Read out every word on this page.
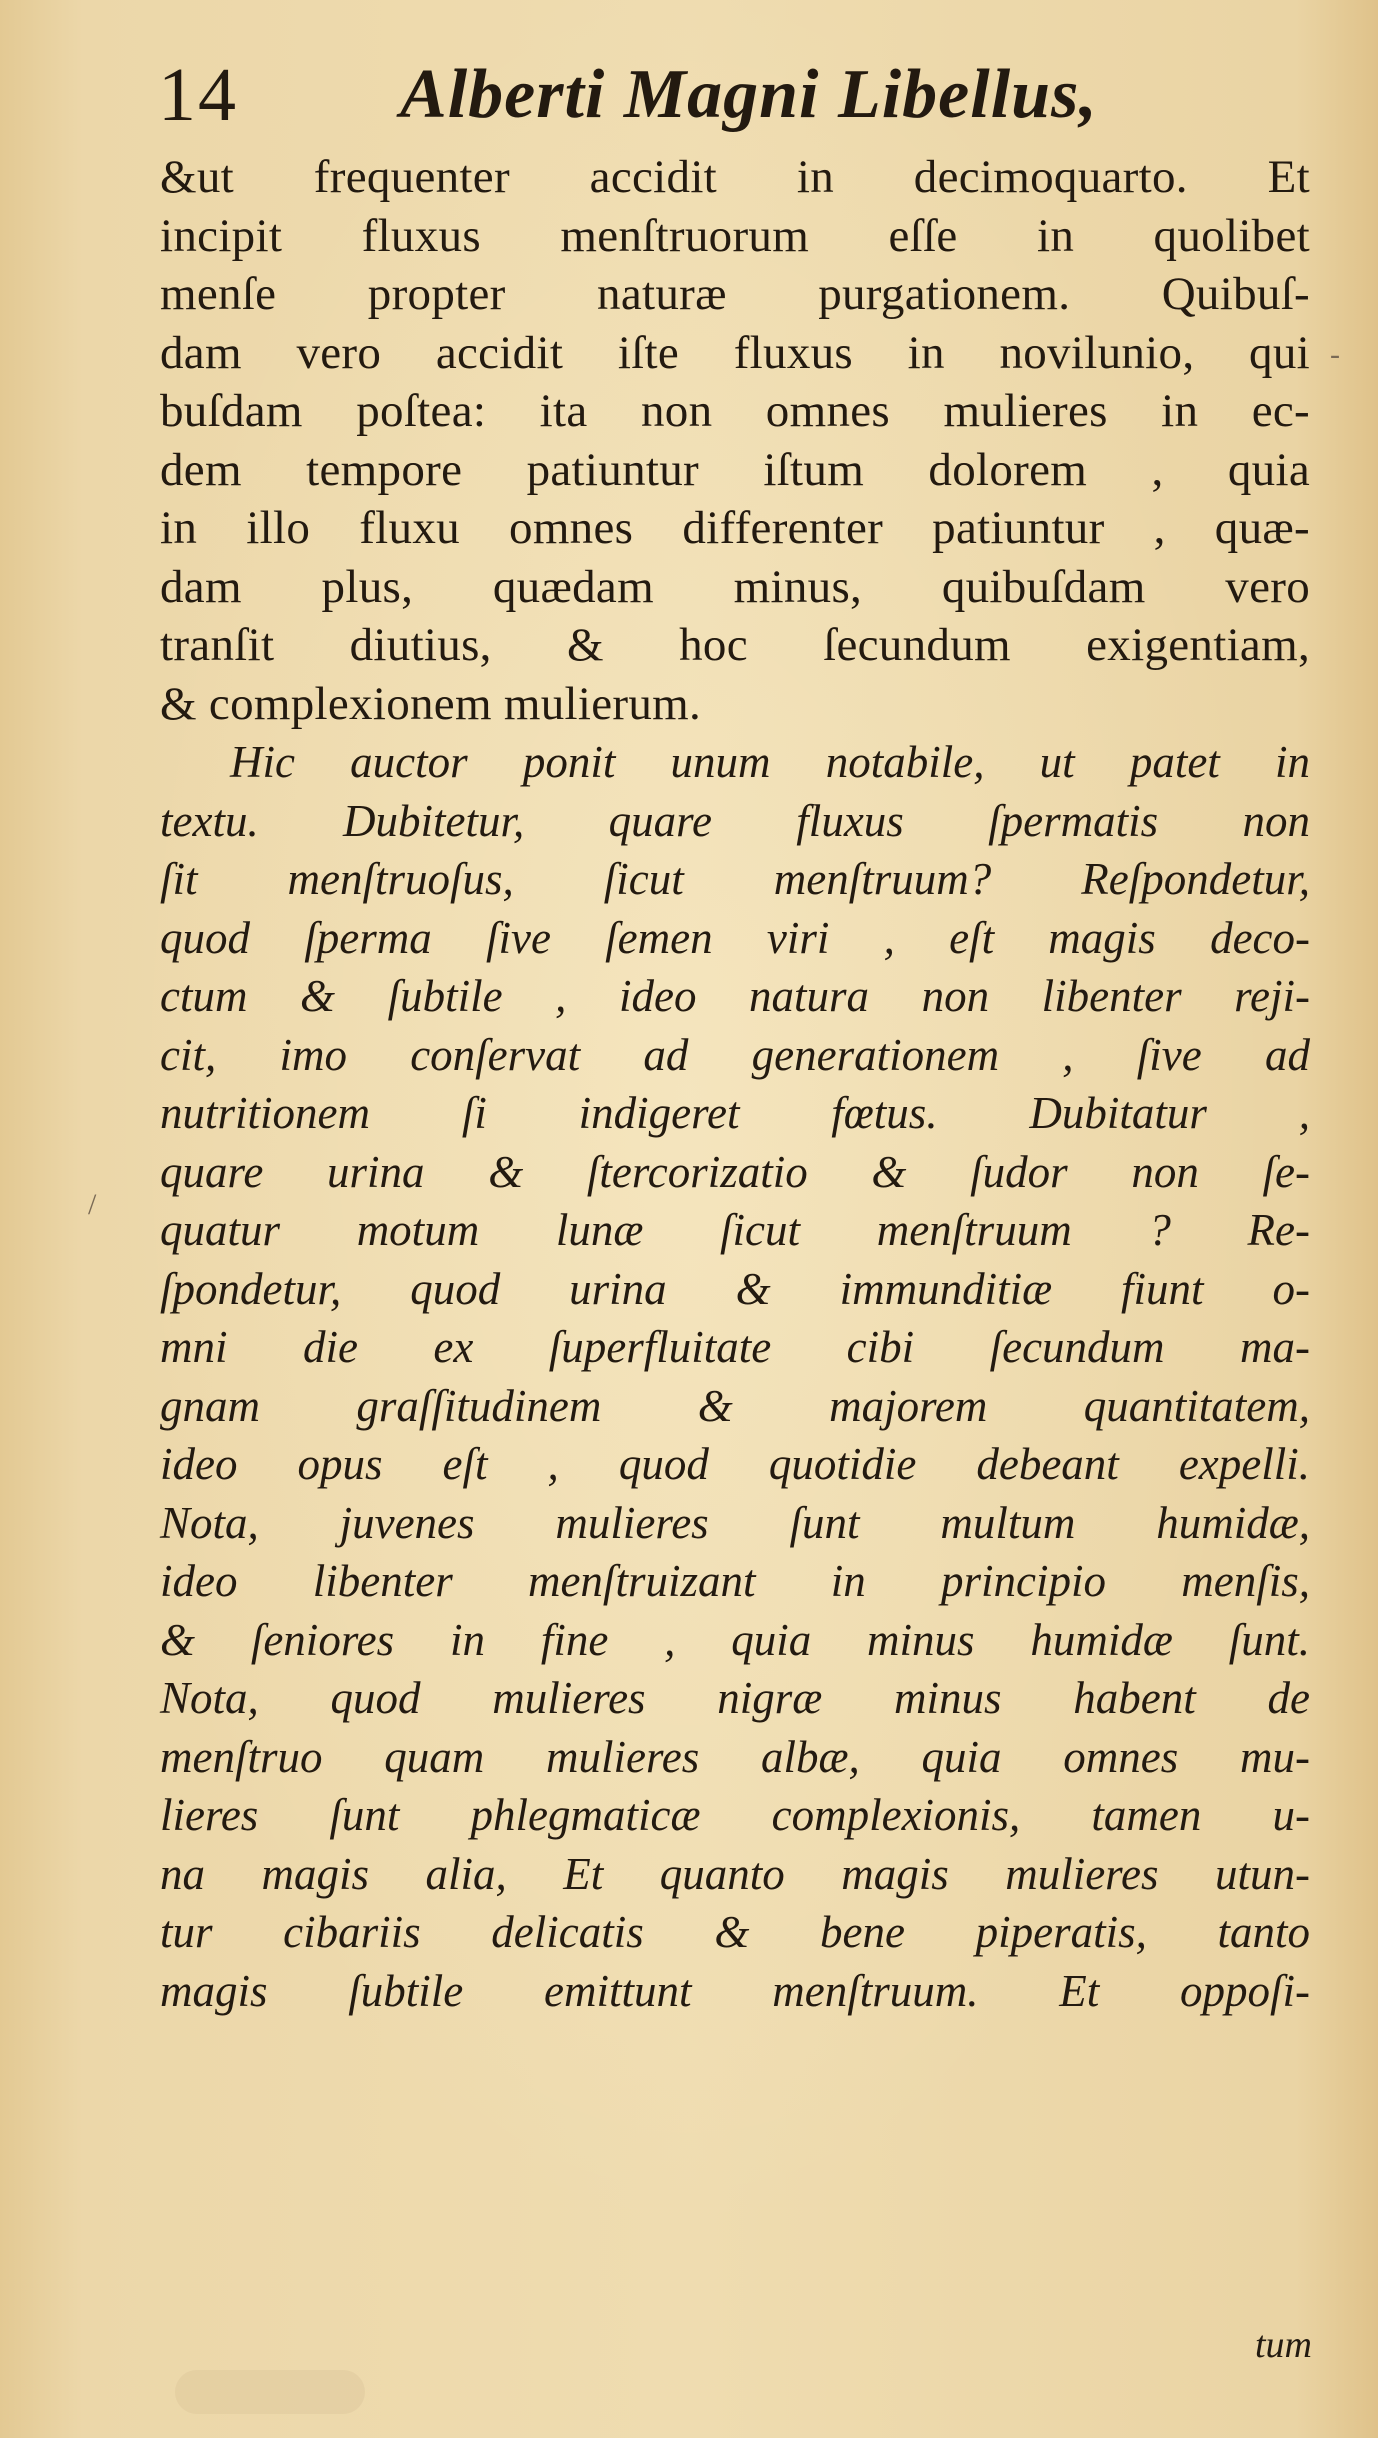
14 Alberti Magni Libellus,
&ut frequenter accidit in decimoquarto. Et
incipit fluxus menſtruorum eſſe in quolibet
menſe propter naturæ purgationem. Quibuſ-
dam vero accidit iſte fluxus in novilunio, qui
buſdam poſtea: ita non omnes mulieres in ec-
dem tempore patiuntur iſtum dolorem , quia
in illo fluxu omnes differenter patiuntur , quæ-
dam plus, quædam minus, quibuſdam vero
tranſit diutius, & hoc ſecundum exigentiam,
& complexionem mulierum.
Hic auctor ponit unum notabile, ut patet in
textu. Dubitetur, quare fluxus ſpermatis non
ſit menſtruoſus, ſicut menſtruum? Reſpondetur,
quod ſperma ſive ſemen viri , eſt magis deco-
ctum & ſubtile , ideo natura non libenter reji-
cit, imo conſervat ad generationem , ſive ad
nutritionem ſi indigeret fœtus. Dubitatur ,
quare urina & ſtercorizatio & ſudor non ſe-
quatur motum lunæ ſicut menſtruum ? Re-
ſpondetur, quod urina & immunditiæ fiunt o-
mni die ex ſuperfluitate cibi ſecundum ma-
gnam graſſitudinem & majorem quantitatem,
ideo opus eſt , quod quotidie debeant expelli.
Nota, juvenes mulieres ſunt multum humidæ,
ideo libenter menſtruizant in principio menſis,
& ſeniores in fine , quia minus humidæ ſunt.
Nota, quod mulieres nigræ minus habent de
menſtruo quam mulieres albæ, quia omnes mu-
lieres ſunt phlegmaticæ complexionis, tamen u-
na magis alia, Et quanto magis mulieres utun-
tur cibariis delicatis & bene piperatis, tanto
magis ſubtile emittunt menſtruum. Et oppoſi-
tum
-
/
